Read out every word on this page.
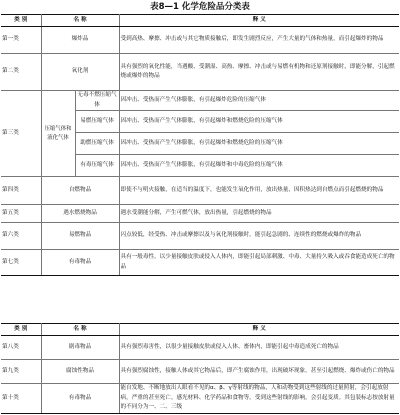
表8—1 化学危险品分类表
类 别	名 称		释 义
第一类	爆炸品		受到高热、摩擦、冲击或与其它物质接触后，即发生剧烈反应，产生大量的气体和热量，而引起爆炸的物品
第二类	氧化剂		具有强烈的氧化性能，当遇酸、受潮湿、高热、摩擦、冲击或与易燃有机物和还原剂接触时，即能分解，引起燃烧或爆炸的物品
第三类	压缩气体和液化气体	无毒不燃压缩气体	因冲击、受热而产生气体膨胀，有引起爆炸危险的压缩气体
		易燃压缩气体	因冲击、受热而产生气体膨胀，有引起爆炸和燃烧危险的压缩气体
		助燃压缩气体	因冲击、受热而产生气体膨胀，有引起爆炸和燃烧危险的压缩气体
		有毒压缩气体	因冲击、受热而产生气体膨胀，有引起爆炸和中毒危险的压缩气体
第四类	自燃物品		即使不与明火接触，在适当的温度下，也能发生氧化作用，放出热量，因积热达到自燃点而引起燃烧的物品
第五类	遇水燃烧物品		遇水受潮能分解，产生可燃气体，放出热量，引起燃烧的物品
第六类	易燃物品		闪点较低，经受热、冲击或摩擦以及与氧化剂接触时，能引起急剧的、连续性的燃烧或爆炸的物品
第七类	有毒物品		具有一般毒性，以少量接触皮肤或侵入人体内，即能引起局部刺激、中毒、大量持久吸入或吞食能造成死亡的物品
类 别	名 称	释 义
第八类	剧毒物品	具有强烈毒害性，以很少量接触皮肤或侵入人体、畜体内，即能引起中毒造成死亡的物品
第九类	腐蚀性物品	具有强烈腐蚀性，接触人体或其它物品后，即产生腐蚀作用，出现破坏现象，甚至引起燃烧、爆炸或伤亡的物品
第十类	有毒物品	能自发地、不断地放出人眼看不见的α、β、γ等射线的物品，人和动物受到这些射线的过量照射，会引起放射病，严重的甚至死亡。感光材料、化学药品和食物等，受到这些射线的影响，会引起变质。其包装标志按放射量的不同分为一、二、三级
